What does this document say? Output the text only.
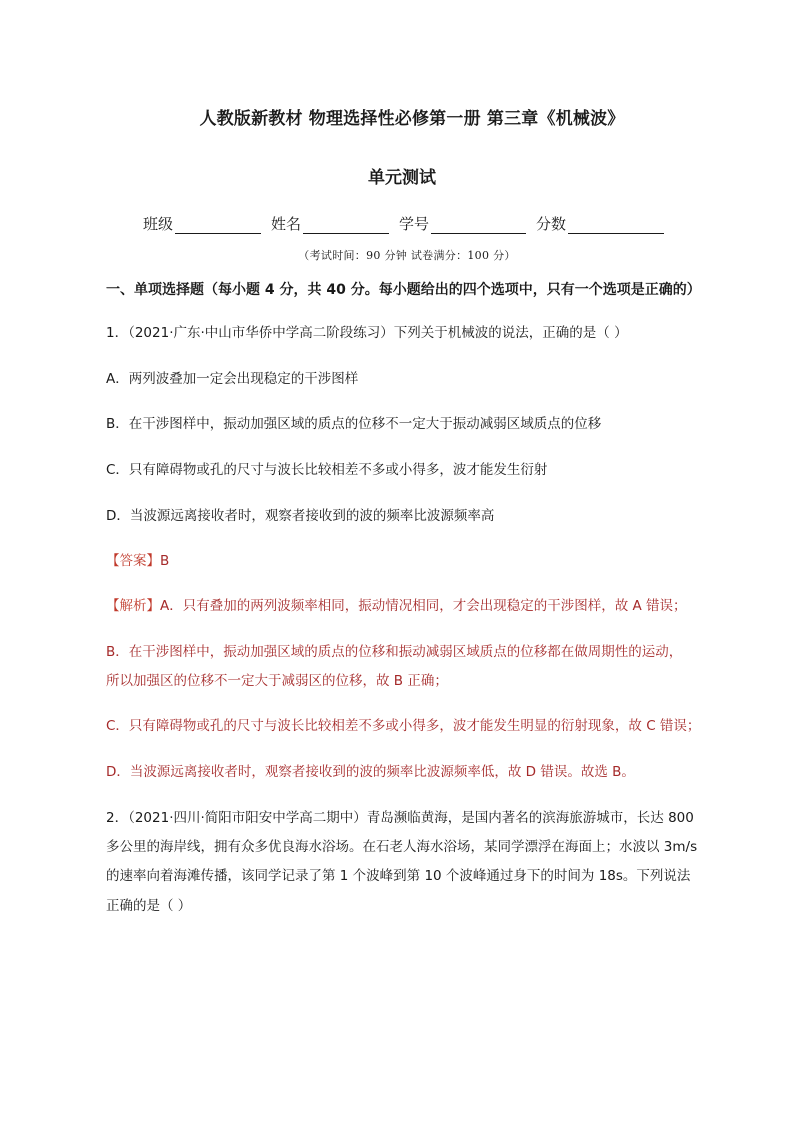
人教版新教材 物理选择性必修第一册 第三章《机械波》
单元测试
班级	姓名	学号	分数
（考试时间：90 分钟 试卷满分：100 分）
一、单项选择题（每小题 4 分，共 40 分。每小题给出的四个选项中，只有一个选项是正确的）
1．（2021·广东·中山市华侨中学高二阶段练习）下列关于机械波的说法，正确的是（ ）
A．两列波叠加一定会出现稳定的干涉图样
B．在干涉图样中，振动加强区域的质点的位移不一定大于振动减弱区域质点的位移
C．只有障碍物或孔的尺寸与波长比较相差不多或小得多，波才能发生衍射
D．当波源远离接收者时，观察者接收到的波的频率比波源频率高
【答案】B
【解析】A．只有叠加的两列波频率相同，振动情况相同，才会出现稳定的干涉图样，故 A 错误；
B．在干涉图样中，振动加强区域的质点的位移和振动减弱区域质点的位移都在做周期性的运动，
所以加强区的位移不一定大于减弱区的位移，故 B 正确；
C．只有障碍物或孔的尺寸与波长比较相差不多或小得多，波才能发生明显的衍射现象，故 C 错误；
D．当波源远离接收者时，观察者接收到的波的频率比波源频率低，故 D 错误。故选 B。
2．（2021·四川·简阳市阳安中学高二期中）青岛濒临黄海，是国内著名的滨海旅游城市，长达 800
多公里的海岸线，拥有众多优良海水浴场。在石老人海水浴场，某同学漂浮在海面上；水波以 3m/s
的速率向着海滩传播，该同学记录了第 1 个波峰到第 10 个波峰通过身下的时间为 18s。下列说法
正确的是（ ）
